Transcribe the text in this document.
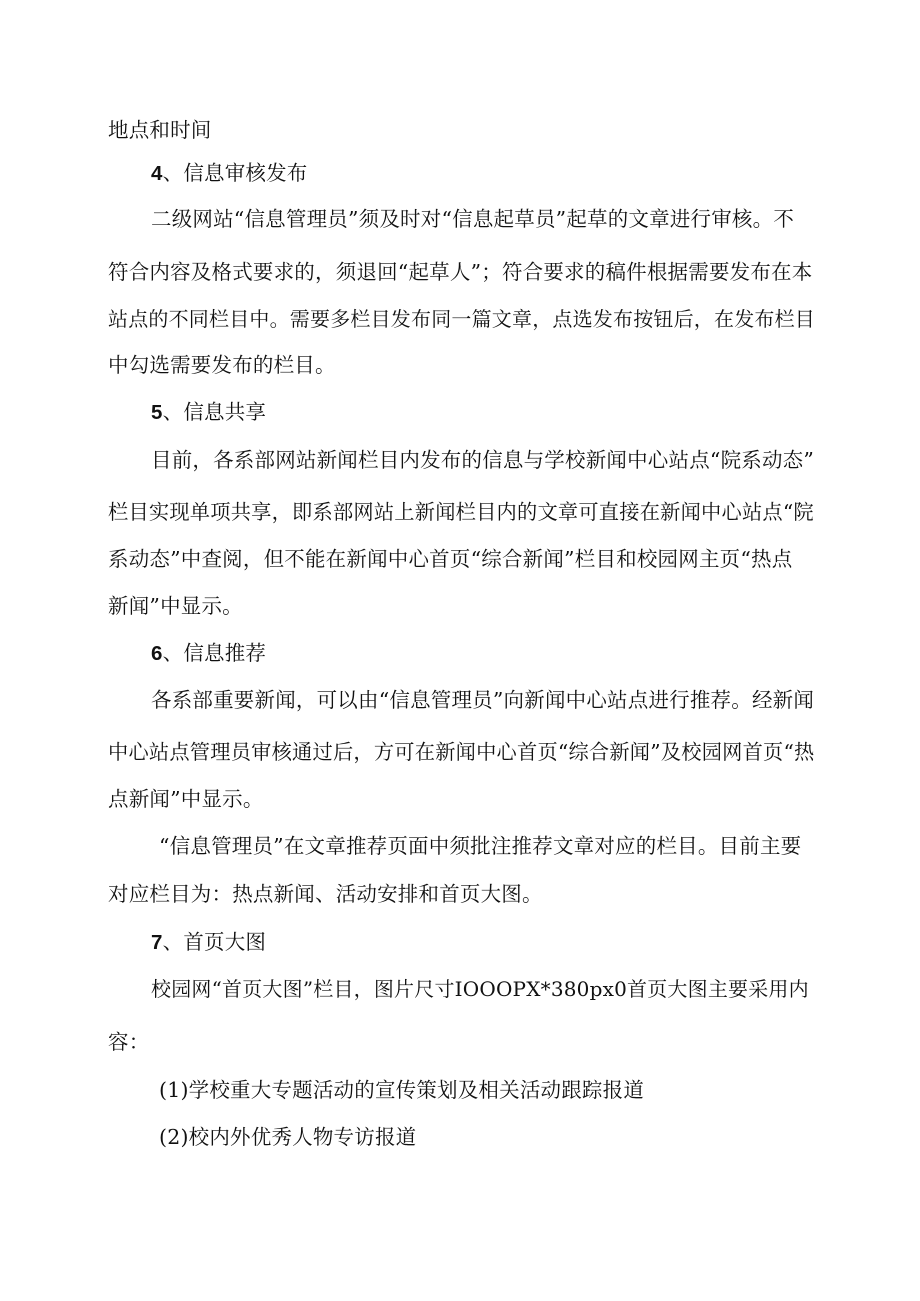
地点和时间
4、信息审核发布
二级网站“信息管理员”须及时对“信息起草员”起草的文章进行审核。不
符合内容及格式要求的，须退回“起草人”；符合要求的稿件根据需要发布在本
站点的不同栏目中。需要多栏目发布同一篇文章，点选发布按钮后，在发布栏目
中勾选需要发布的栏目。
5、信息共享
目前，各系部网站新闻栏目内发布的信息与学校新闻中心站点“院系动态”
栏目实现单项共享，即系部网站上新闻栏目内的文章可直接在新闻中心站点“院
系动态”中查阅，但不能在新闻中心首页“综合新闻”栏目和校园网主页“热点
新闻”中显示。
6、信息推荐
各系部重要新闻，可以由“信息管理员”向新闻中心站点进行推荐。经新闻
中心站点管理员审核通过后，方可在新闻中心首页“综合新闻”及校园网首页“热
点新闻”中显示。
“信息管理员”在文章推荐页面中须批注推荐文章对应的栏目。目前主要
对应栏目为：热点新闻、活动安排和首页大图。
7、首页大图
校园网“首页大图”栏目，图片尺寸IOOOPX*380px0首页大图主要采用内
容：
(1)学校重大专题活动的宣传策划及相关活动跟踪报道
(2)校内外优秀人物专访报道
